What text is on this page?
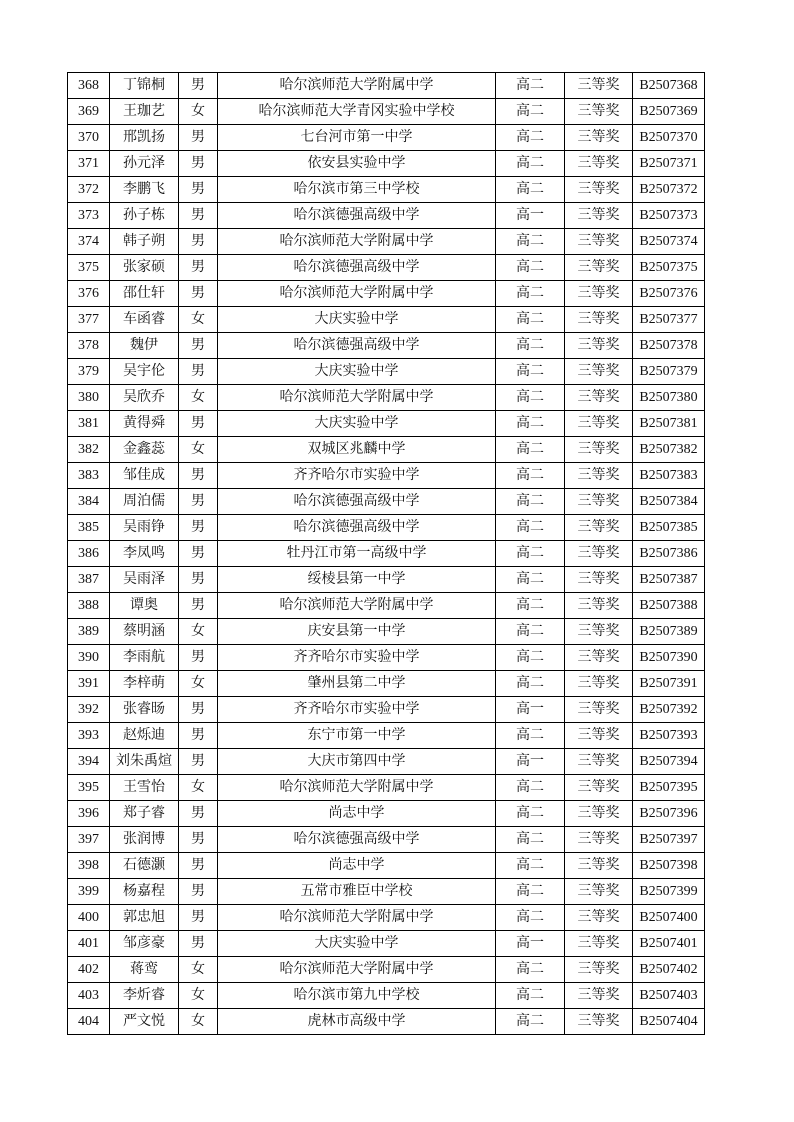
368	丁锦桐	男	哈尔滨师范大学附属中学	高二	三等奖	B2507368
369	王珈艺	女	哈尔滨师范大学青冈实验中学校	高二	三等奖	B2507369
370	邢凯扬	男	七台河市第一中学	高二	三等奖	B2507370
371	孙元泽	男	依安县实验中学	高二	三等奖	B2507371
372	李鹏飞	男	哈尔滨市第三中学校	高二	三等奖	B2507372
373	孙子栋	男	哈尔滨德强高级中学	高一	三等奖	B2507373
374	韩子朔	男	哈尔滨师范大学附属中学	高二	三等奖	B2507374
375	张家硕	男	哈尔滨德强高级中学	高二	三等奖	B2507375
376	邵仕轩	男	哈尔滨师范大学附属中学	高二	三等奖	B2507376
377	车函睿	女	大庆实验中学	高二	三等奖	B2507377
378	魏伊	男	哈尔滨德强高级中学	高二	三等奖	B2507378
379	吴宇伦	男	大庆实验中学	高二	三等奖	B2507379
380	吴欣乔	女	哈尔滨师范大学附属中学	高二	三等奖	B2507380
381	黄得舜	男	大庆实验中学	高二	三等奖	B2507381
382	金鑫蕊	女	双城区兆麟中学	高二	三等奖	B2507382
383	邹佳成	男	齐齐哈尔市实验中学	高二	三等奖	B2507383
384	周泊儒	男	哈尔滨德强高级中学	高二	三等奖	B2507384
385	吴雨铮	男	哈尔滨德强高级中学	高二	三等奖	B2507385
386	李凤鸣	男	牡丹江市第一高级中学	高二	三等奖	B2507386
387	吴雨泽	男	绥棱县第一中学	高二	三等奖	B2507387
388	谭奥	男	哈尔滨师范大学附属中学	高二	三等奖	B2507388
389	蔡明涵	女	庆安县第一中学	高二	三等奖	B2507389
390	李雨航	男	齐齐哈尔市实验中学	高二	三等奖	B2507390
391	李梓萌	女	肇州县第二中学	高二	三等奖	B2507391
392	张睿旸	男	齐齐哈尔市实验中学	高一	三等奖	B2507392
393	赵烁迪	男	东宁市第一中学	高二	三等奖	B2507393
394	刘朱禹煊	男	大庆市第四中学	高一	三等奖	B2507394
395	王雪怡	女	哈尔滨师范大学附属中学	高二	三等奖	B2507395
396	郑子睿	男	尚志中学	高二	三等奖	B2507396
397	张润博	男	哈尔滨德强高级中学	高二	三等奖	B2507397
398	石德灏	男	尚志中学	高二	三等奖	B2507398
399	杨嘉程	男	五常市雅臣中学校	高二	三等奖	B2507399
400	郭忠旭	男	哈尔滨师范大学附属中学	高二	三等奖	B2507400
401	邹彦豪	男	大庆实验中学	高一	三等奖	B2507401
402	蒋鸾	女	哈尔滨师范大学附属中学	高二	三等奖	B2507402
403	李炘睿	女	哈尔滨市第九中学校	高二	三等奖	B2507403
404	严文悦	女	虎林市高级中学	高二	三等奖	B2507404
